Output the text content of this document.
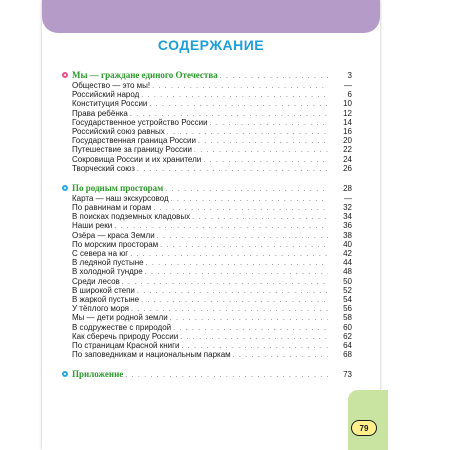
СОДЕРЖАНИЕ
Мы — граждане единого Отечества . . .	3
Общество — это мы! . . .	—
Российский народ . . .	6
Конституция России . . .	10
Права ребёнка . . .	12
Государственное устройство России . . .	14
Российский союз равных . . .	16
Государственная граница России . . .	20
Путешествие за границу России . . .	22
Сокровища России и их хранители . . .	24
Творческий союз . . .	26
По родным просторам . . .	28
Карта — наш экскурсовод . . .	—
По равнинам и горам . . .	32
В поисках подземных кладовых . . .	34
Наши реки . . .	36
Озёра — краса Земли . . .	38
По морским просторам . . .	40
С севера на юг . . .	42
В ледяной пустыне . . .	44
В холодной тундре . . .	48
Среди лесов . . .	50
В широкой степи . . .	52
В жаркой пустыне . . .	54
У тёплого моря . . .	56
Мы — дети родной земли . . .	58
В содружестве с природой . . .	60
Как сберечь природу России . . .	62
По страницам Красной книги . . .	64
По заповедникам и национальным паркам . . .	68
Приложение . . .	73
79
